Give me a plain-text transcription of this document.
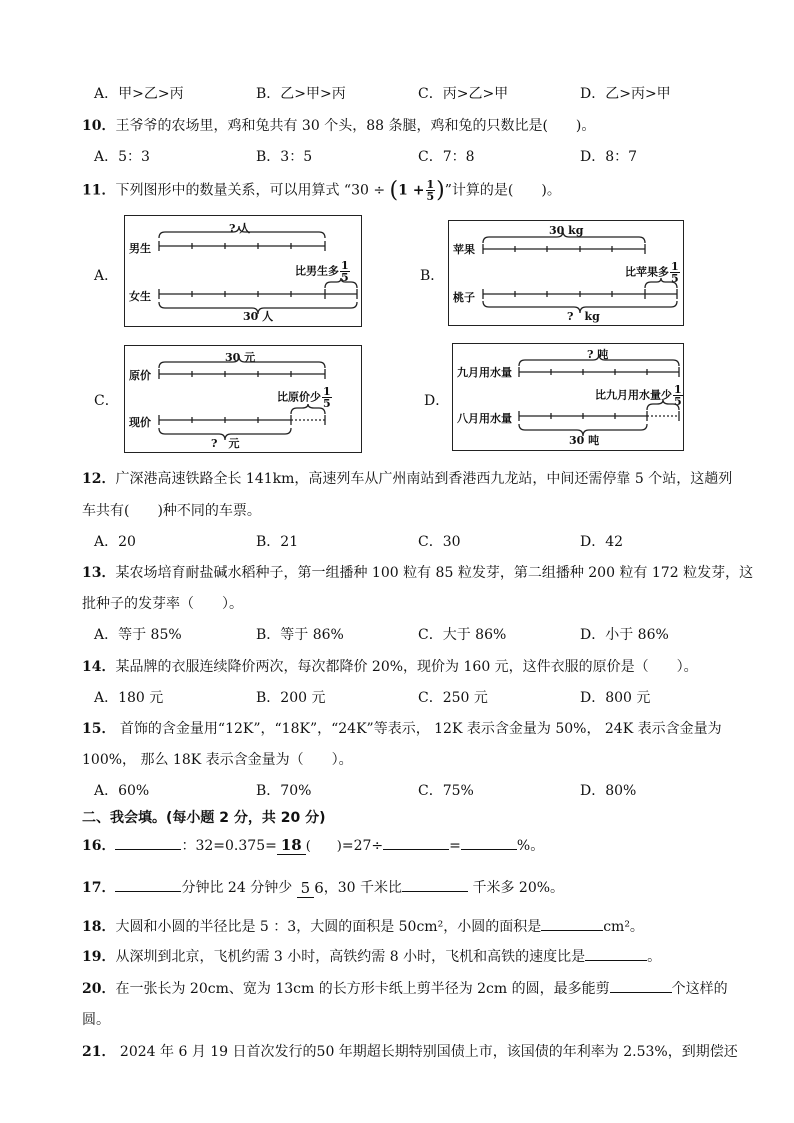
A．甲>乙>丙	B．乙>甲>丙	C．丙>乙>甲	D．乙>丙>甲
10．王爷爷的农场里，鸡和兔共有 30 个头，88 条腿，鸡和兔的只数比是(　　)。
A．5：3	B．3：5	C．7：8	D．8：7
11．下列图形中的数量关系，可以用算式 “$30 \div (1 + \frac{1}{5}$ )”计算的是(　　)。
A．	B．
C．	D．
? 人
男生
女生
比男生多 $\frac{1}{5}$
30 人
30 kg
苹果
桃子
比苹果多 $\frac{1}{5}$
?　kg
30 元
原价
现价
比原价少 $\frac{1}{5}$
?　元
? 吨
九月用水量
八月用水量
比九月用水量少 $\frac{1}{5}$
30 吨
12．广深港高速铁路全长 141km，高速列车从广州南站到香港西九龙站，中间还需停靠 5 个站，这趟列
车共有(　　)种不同的车票。
A．20	B．21	C．30	D．42
13．某农场培育耐盐碱水稻种子，第一组播种 100 粒有 85 粒发芽，第二组播种 200 粒有 172 粒发芽，这
批种子的发芽率（　　）。
A．等于 85%	B．等于 86%	C．大于 86%	D．小于 86%
14．某品牌的衣服连续降价两次，每次都降价 20%，现价为 160 元，这件衣服的原价是（　　）。
A．180 元	B．200 元	C．250 元	D．800 元
15． 首饰的含金量用“12K”，“18K”，“24K”等表示， 12K 表示含金量为 50%， 24K 表示含金量为
100%， 那么 18K 表示含金量为（　　）。
A．60%	B．70%	C．75%	D．80%
二、我会填。(每小题 2 分，共 20 分)
16．	：32=0.375= 18 (　　)=27÷	=	%。
17．	分钟比 24 分钟少 5 6，30 千米比	千米多 20%。
18．大圆和小圆的半径比是 5 ：3，大圆的面积是 50cm²，小圆的面积是	cm²。
19．从深圳到北京，飞机约需 3 小时，高铁约需 8 小时，飞机和高铁的速度比是	。
20．在一张长为 20cm、宽为 13cm 的长方形卡纸上剪半径为 2cm 的圆，最多能剪	个这样的
圆。
21． 2024 年 6 月 19 日首次发行的50 年期超长期特别国债上市，该国债的年利率为 2.53%，到期偿还
